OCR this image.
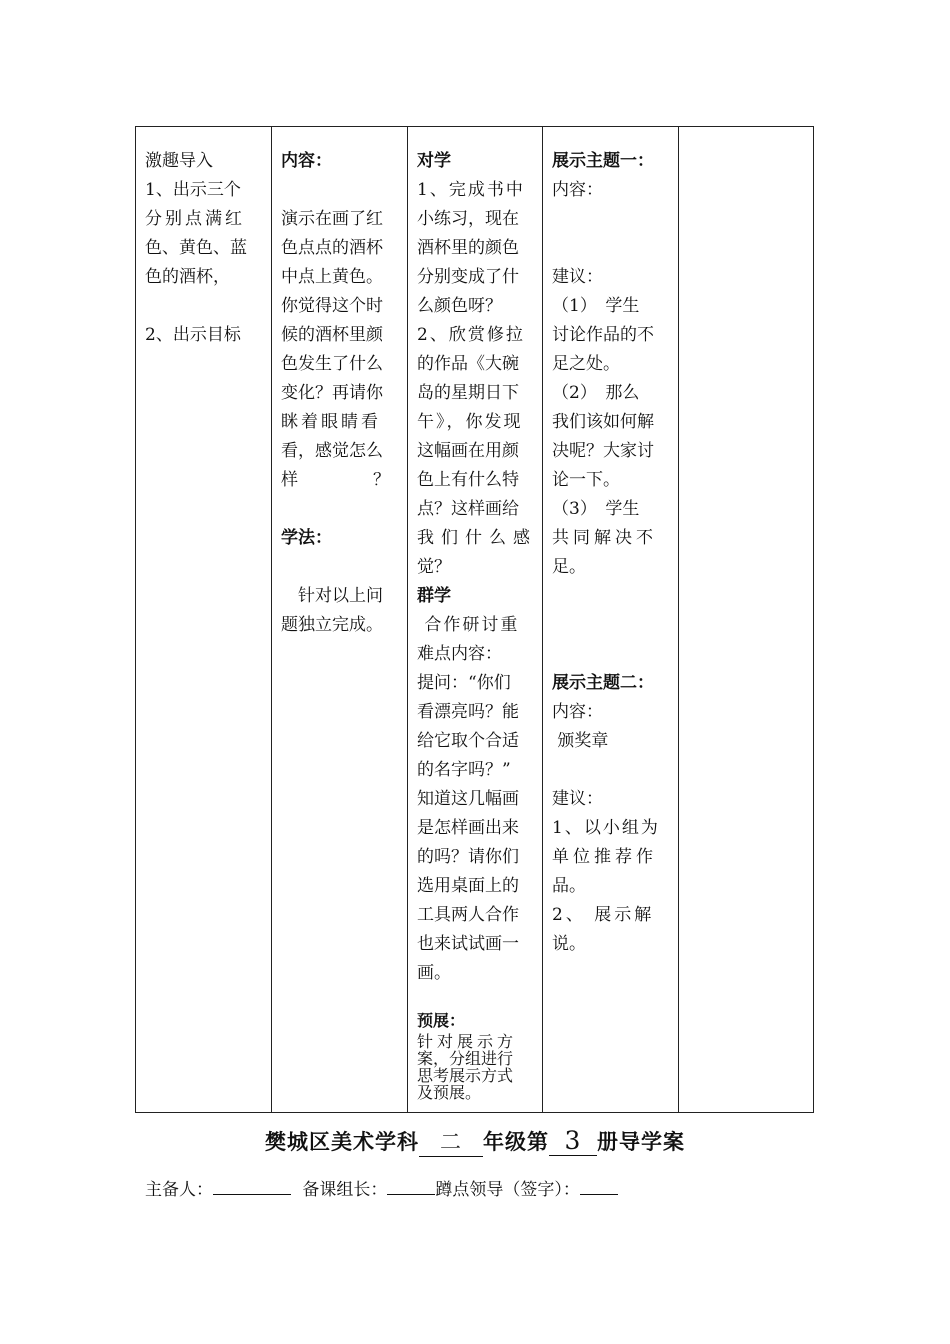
激趣导入
1、出示三个
分别点满红
色、黄色、蓝
色的酒杯，
2、出示目标
内容：
演示在画了红
色点点的酒杯
中点上黄色。
你觉得这个时
候的酒杯里颜
色发生了什么
变化？再请你
眯着眼睛看
看，感觉怎么
样　　　？
学法：
　针对以上问
题独立完成。
对学
1、完成书中
小练习，现在
酒杯里的颜色
分别变成了什
么颜色呀？
2、欣赏修拉
的作品《大碗
岛的星期日下
午》，你发现
这幅画在用颜
色上有什么特
点？这样画给
我们什么感
觉？
群学
合作研讨重
难点内容：
提问：“你们
看漂亮吗？能
给它取个合适
的名字吗？”
知道这几幅画
是怎样画出来
的吗？请你们
选用桌面上的
工具两人合作
也来试试画一
画。
预展：
针对展示方
案，分组进行
思考展示方式
及预展。
展示主题一：
内容：
建议：
（1）　学生
讨论作品的不
足之处。
（2）　那么
我们该如何解
决呢？大家讨
论一下。
（3）　学生
共同解决不
足。
展示主题二：
内容：
颁奖章
建议：
1、以小组为
单位推荐作
品。
2、 展示解
说。
樊城区美术学科 二 年级第 3 册导学案
主备人：	备课组长：	蹲点领导（签字）：
